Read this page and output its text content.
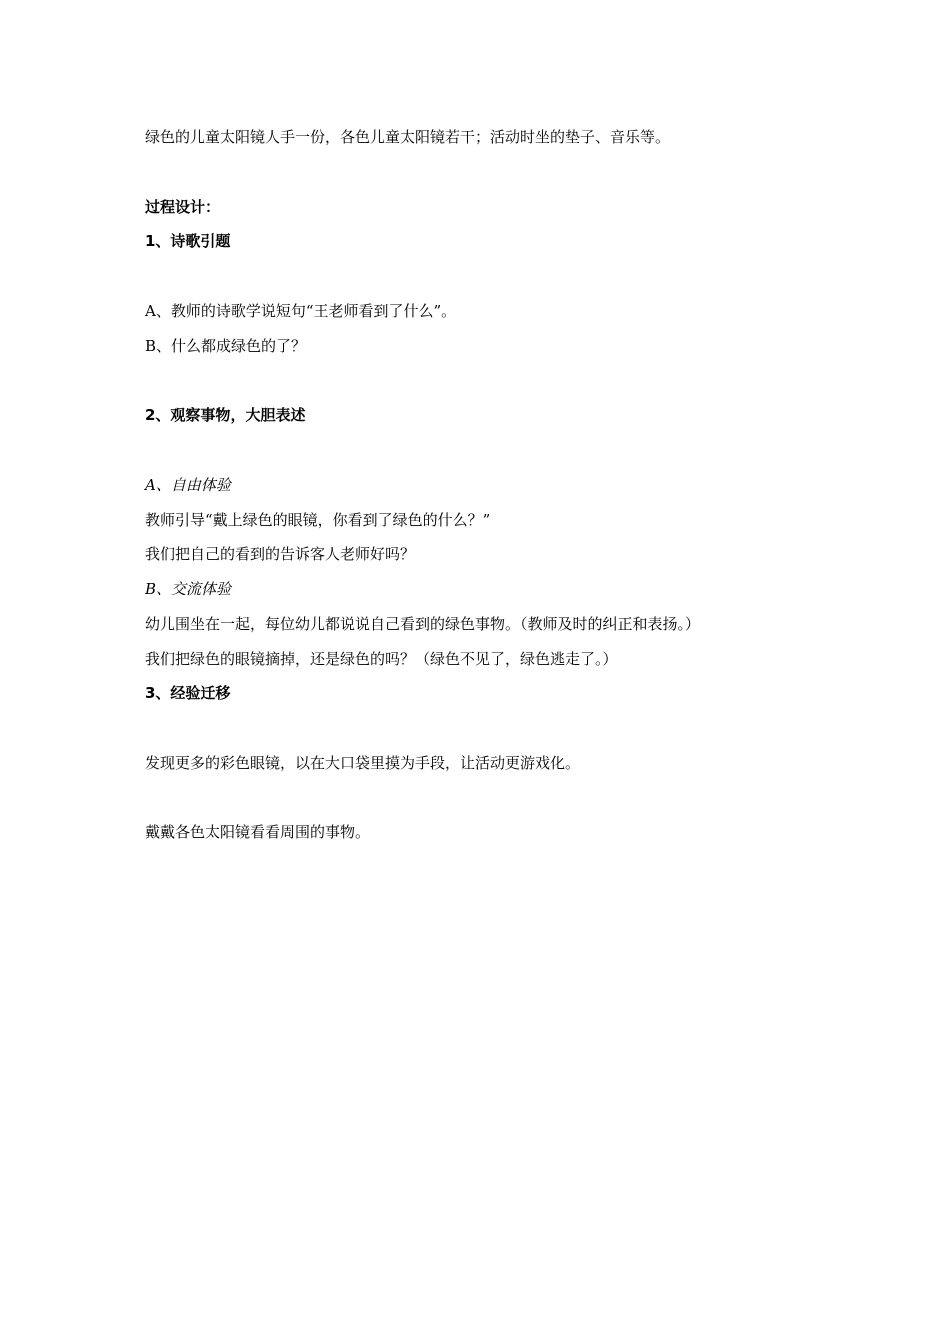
绿色的儿童太阳镜人手一份，各色儿童太阳镜若干；活动时坐的垫子、音乐等。
过程设计：
1、诗歌引题
A、教师的诗歌学说短句“王老师看到了什么”。
B、什么都成绿色的了？
2、观察事物，大胆表述
A、自由体验
教师引导“戴上绿色的眼镜，你看到了绿色的什么？”
我们把自己的看到的告诉客人老师好吗？
B、交流体验
幼儿围坐在一起，每位幼儿都说说自己看到的绿色事物。（教师及时的纠正和表扬。）
我们把绿色的眼镜摘掉，还是绿色的吗？（绿色不见了，绿色逃走了。）
3、经验迁移
发现更多的彩色眼镜，以在大口袋里摸为手段，让活动更游戏化。
戴戴各色太阳镜看看周围的事物。
